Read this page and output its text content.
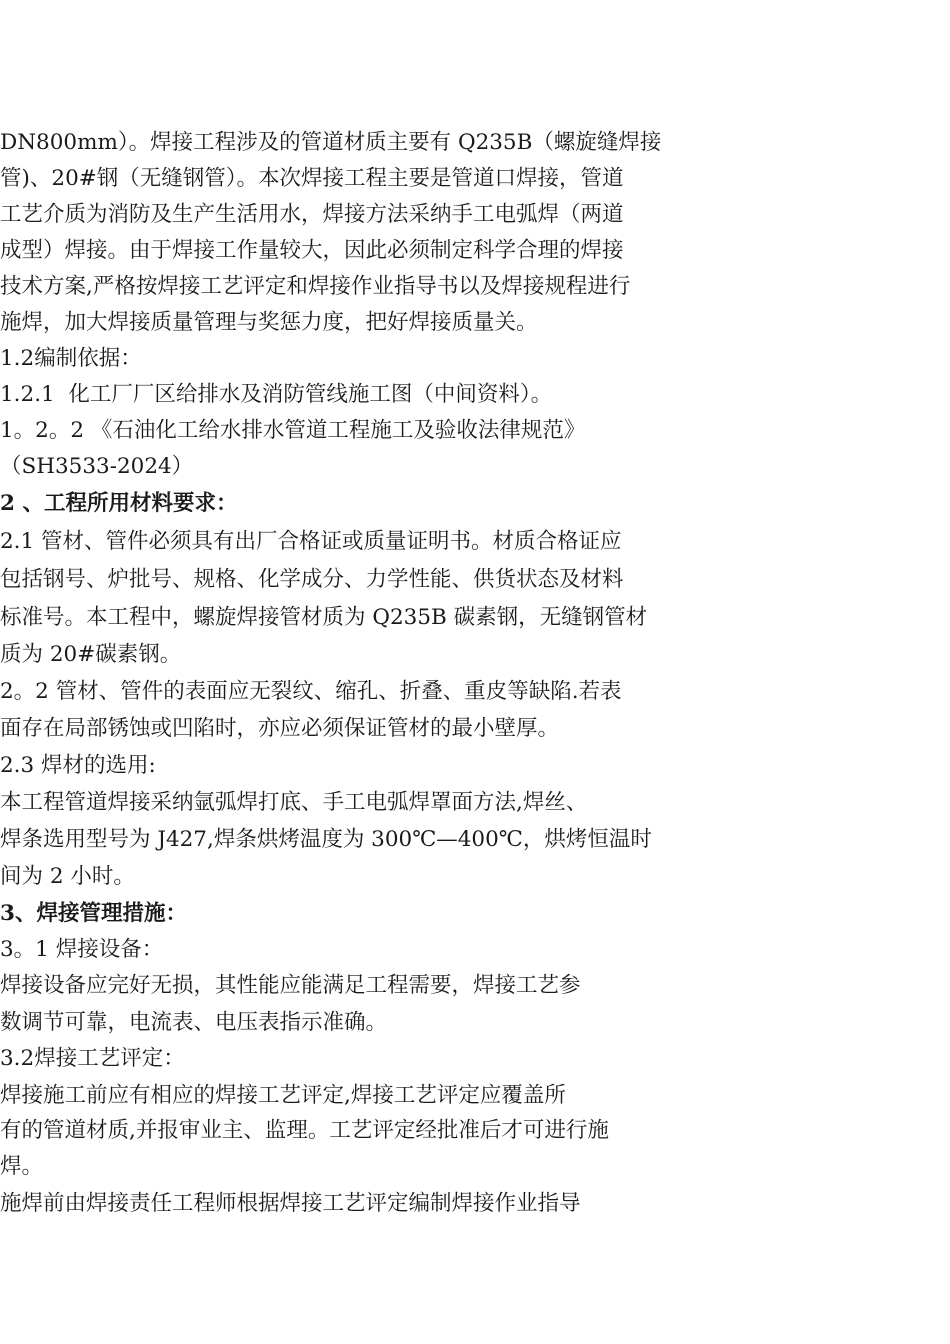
DN800mm）。焊接工程涉及的管道材质主要有 Q235B（螺旋缝焊接
管)、20#钢（无缝钢管）。本次焊接工程主要是管道口焊接，管道
工艺介质为消防及生产生活用水，焊接方法采纳手工电弧焊（两道
成型）焊接。由于焊接工作量较大，因此必须制定科学合理的焊接
技术方案,严格按焊接工艺评定和焊接作业指导书以及焊接规程进行
施焊，加大焊接质量管理与奖惩力度，把好焊接质量关。
1.2编制依据：
1.2.1  化工厂厂区给排水及消防管线施工图（中间资料）。
1。2。2 《石油化工给水排水管道工程施工及验收法律规范》
（SH3533-2024）
2 、工程所用材料要求：
2.1 管材、管件必须具有出厂合格证或质量证明书。材质合格证应
包括钢号、炉批号、规格、化学成分、力学性能、供货状态及材料
标准号。本工程中，螺旋焊接管材质为 Q235B 碳素钢，无缝钢管材
质为 20#碳素钢。
2。2 管材、管件的表面应无裂纹、缩孔、折叠、重皮等缺陷.若表
面存在局部锈蚀或凹陷时，亦应必须保证管材的最小壁厚。
2.3 焊材的选用:
本工程管道焊接采纳氩弧焊打底、手工电弧焊罩面方法,焊丝、
焊条选用型号为 J427,焊条烘烤温度为 300℃—400℃，烘烤恒温时
间为 2 小时。
3、焊接管理措施：
3。1 焊接设备：
焊接设备应完好无损，其性能应能满足工程需要，焊接工艺参
数调节可靠，电流表、电压表指示准确。
3.2焊接工艺评定：
焊接施工前应有相应的焊接工艺评定,焊接工艺评定应覆盖所
有的管道材质,并报审业主、监理。工艺评定经批准后才可进行施
焊。
施焊前由焊接责任工程师根据焊接工艺评定编制焊接作业指导
